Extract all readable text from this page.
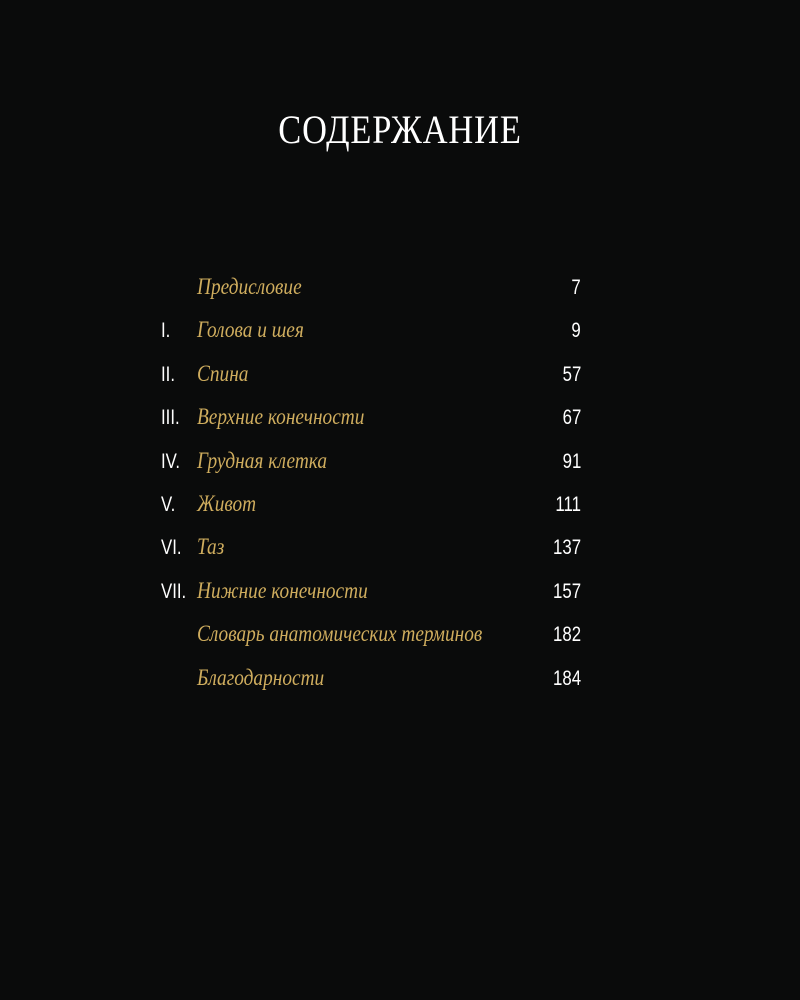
СОДЕРЖАНИЕ
Предисловие	7
I. Голова и шея	9
II. Спина	57
III. Верхние конечности	67
IV. Грудная клетка	91
V. Живот	111
VI. Таз	137
VII. Нижние конечности	157
Словарь анатомических терминов	182
Благодарности	184
